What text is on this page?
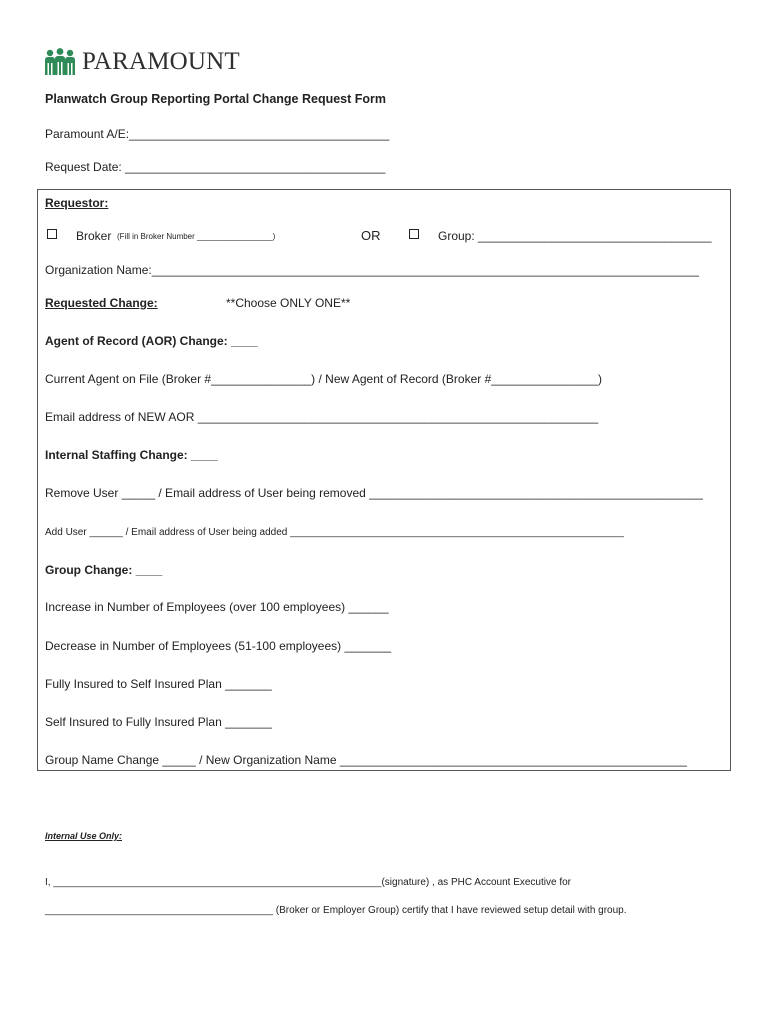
PARAMOUNT
Planwatch Group Reporting Portal Change Request Form
Paramount A/E:_______________________________________
Request Date: _______________________________________
Requestor:
Broker (Fill in Broker Number _________________)	OR	Group: ___________________________________
Organization Name:__________________________________________________________________________________
Requested Change:	**Choose ONLY ONE**
Agent of Record (AOR) Change: ____
Current Agent on File (Broker #_______________) / New Agent of Record (Broker #________________)
Email address of NEW AOR ____________________________________________________________
Internal Staffing Change: ____
Remove User _____ / Email address of User being removed __________________________________________________
Add User ______ / Email address of User being added ____________________________________________________________
Group Change: ____
Increase in Number of Employees (over 100 employees) ______
Decrease in Number of Employees (51-100 employees) _______
Fully Insured to Self Insured Plan _______
Self Insured to Fully Insured Plan _______
Group Name Change _____ / New Organization Name ____________________________________________________
Internal Use Only:
I, ___________________________________________________________(signature) , as PHC Account Executive for
_________________________________________ (Broker or Employer Group) certify that I have reviewed setup detail with group.
